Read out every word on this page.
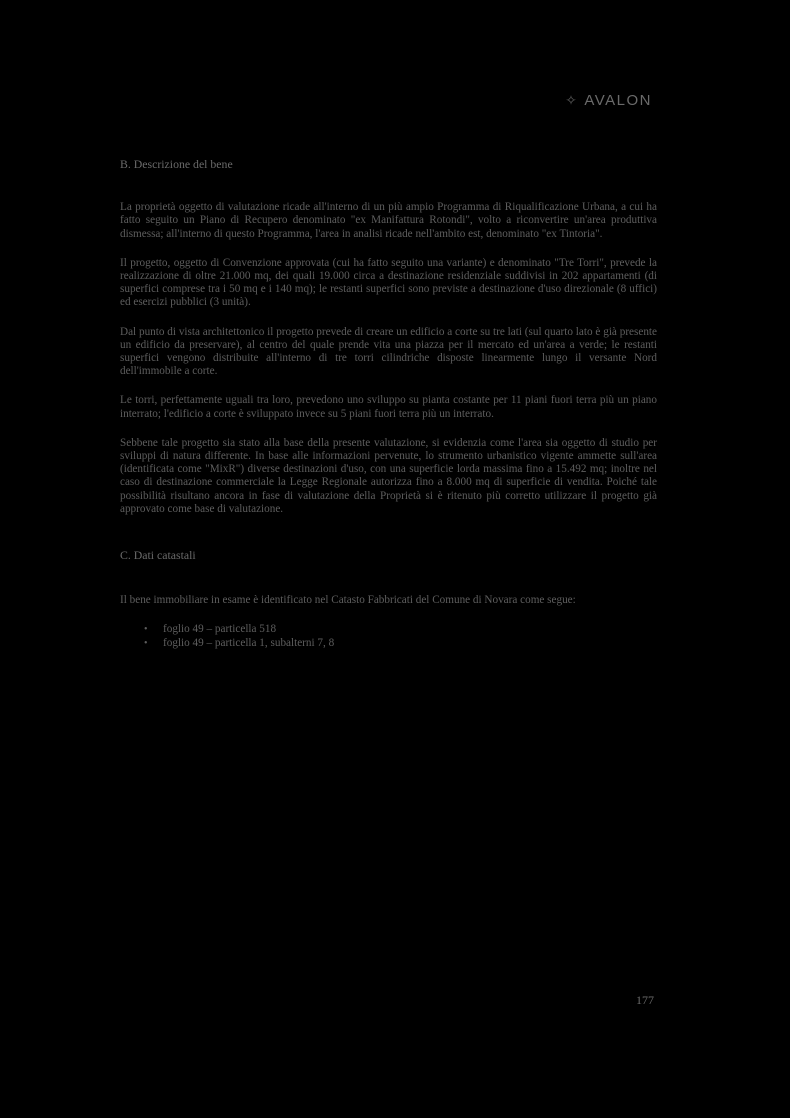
✧ AVALON
B. Descrizione del bene

La proprietà oggetto di valutazione ricade all'interno di un più ampio Programma di Riqualificazione Urbana, a cui ha fatto seguito un Piano di Recupero denominato "ex Manifattura Rotondi", volto a riconvertire un'area produttiva dismessa; all'interno di questo Programma, l'area in analisi ricade nell'ambito est, denominato "ex Tintoria".

Il progetto, oggetto di Convenzione approvata (cui ha fatto seguito una variante) e denominato "Tre Torri", prevede la realizzazione di oltre 21.000 mq, dei quali 19.000 circa a destinazione residenziale suddivisi in 202 appartamenti (di superfici comprese tra i 50 mq e i 140 mq); le restanti superfici sono previste a destinazione d'uso direzionale (8 uffici) ed esercizi pubblici (3 unità).

Dal punto di vista architettonico il progetto prevede di creare un edificio a corte su tre lati (sul quarto lato è già presente un edificio da preservare), al centro del quale prende vita una piazza per il mercato ed un'area a verde; le restanti superfici vengono distribuite all'interno di tre torri cilindriche disposte linearmente lungo il versante Nord dell'immobile a corte.

Le torri, perfettamente uguali tra loro, prevedono uno sviluppo su pianta costante per 11 piani fuori terra più un piano interrato; l'edificio a corte è sviluppato invece su 5 piani fuori terra più un interrato.

Sebbene tale progetto sia stato alla base della presente valutazione, si evidenzia come l'area sia oggetto di studio per sviluppi di natura differente. In base alle informazioni pervenute, lo strumento urbanistico vigente ammette sull'area (identificata come "MixR") diverse destinazioni d'uso, con una superficie lorda massima fino a 15.492 mq; inoltre nel caso di destinazione commerciale la Legge Regionale autorizza fino a 8.000 mq di superficie di vendita. Poiché tale possibilità risultano ancora in fase di valutazione della Proprietà si è ritenuto più corretto utilizzare il progetto già approvato come base di valutazione.

C. Dati catastali

Il bene immobiliare in esame è identificato nel Catasto Fabbricati del Comune di Novara come segue:

• foglio 49 – particella 518
• foglio 49 – particella 1, subalterni 7, 8
177
